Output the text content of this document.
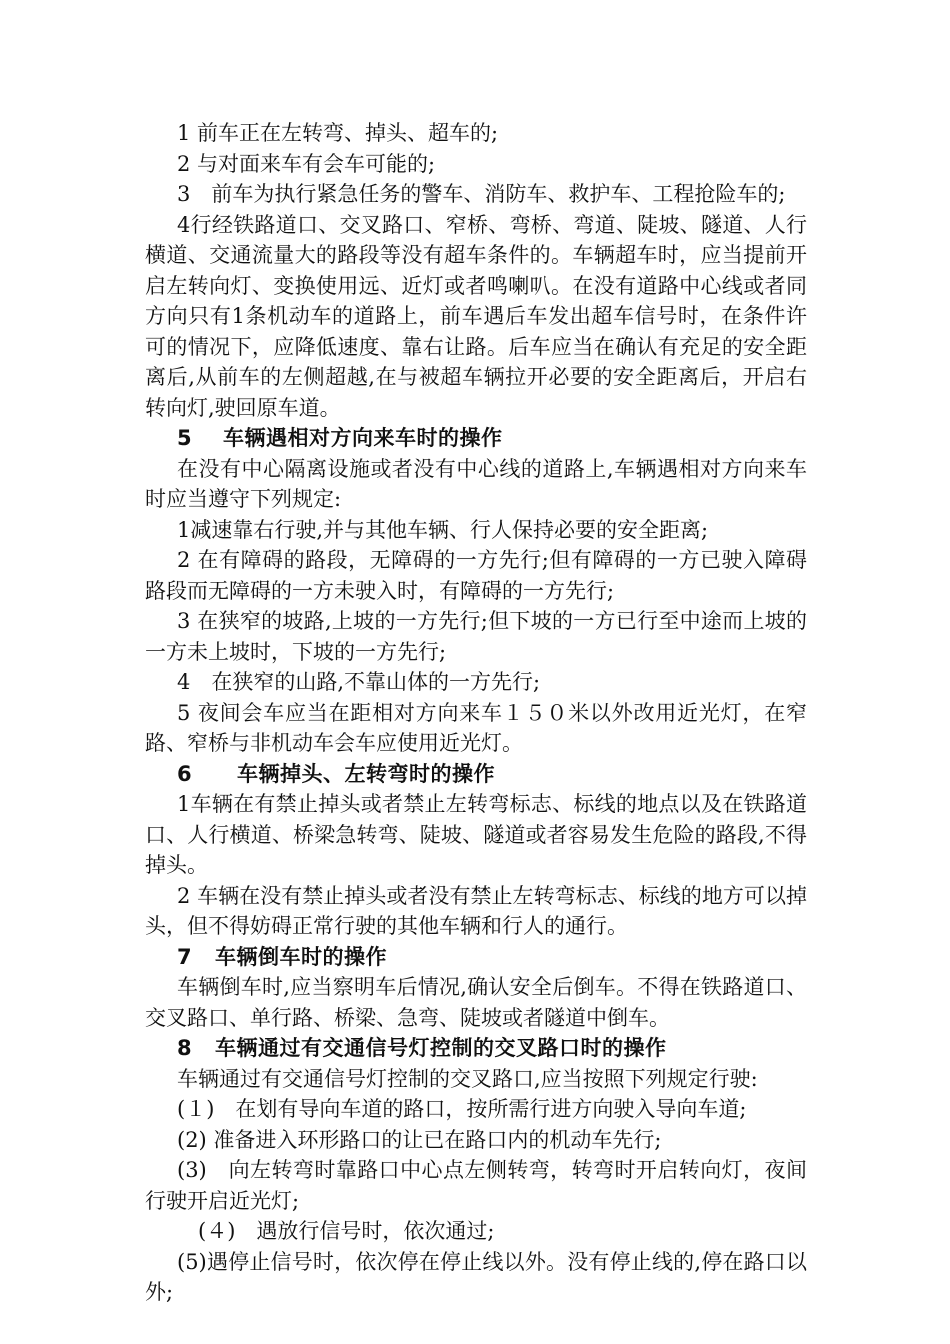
1 前车正在左转弯、掉头、超车的;

2 与对面来车有会车可能的;

3　前车为执行紧急任务的警车、消防车、救护车、工程抢险车的;

4行经铁路道口、交叉路口、窄桥、弯桥、弯道、陡坡、隧道、人行横道、交通流量大的路段等没有超车条件的。车辆超车时，应当提前开启左转向灯、变换使用远、近灯或者鸣喇叭。在没有道路中心线或者同方向只有1条机动车的道路上，前车遇后车发出超车信号时，在条件许可的情况下，应降低速度、靠右让路。后车应当在确认有充足的安全距离后,从前车的左侧超越,在与被超车辆拉开必要的安全距离后，开启右转向灯,驶回原车道。

5 车辆遇相对方向来车时的操作

在没有中心隔离设施或者没有中心线的道路上,车辆遇相对方向来车时应当遵守下列规定:

1减速靠右行驶,并与其他车辆、行人保持必要的安全距离;

2 在有障碍的路段，无障碍的一方先行;但有障碍的一方已驶入障碍路段而无障碍的一方未驶入时，有障碍的一方先行;

3 在狭窄的坡路,上坡的一方先行;但下坡的一方已行至中途而上坡的一方未上坡时，下坡的一方先行;

4　在狭窄的山路,不靠山体的一方先行;

5 夜间会车应当在距相对方向来车１５０米以外改用近光灯，在窄路、窄桥与非机动车会车应使用近光灯。

6 车辆掉头、左转弯时的操作

1车辆在有禁止掉头或者禁止左转弯标志、标线的地点以及在铁路道口、人行横道、桥梁急转弯、陡坡、隧道或者容易发生危险的路段,不得掉头。

2 车辆在没有禁止掉头或者没有禁止左转弯标志、标线的地方可以掉头，但不得妨碍正常行驶的其他车辆和行人的通行。

7 车辆倒车时的操作

车辆倒车时,应当察明车后情况,确认安全后倒车。不得在铁路道口、交叉路口、单行路、桥梁、急弯、陡坡或者隧道中倒车。

8 车辆通过有交通信号灯控制的交叉路口时的操作

车辆通过有交通信号灯控制的交叉路口,应当按照下列规定行驶:

(１)　在划有导向车道的路口，按所需行进方向驶入导向车道;

(2) 准备进入环形路口的让已在路口内的机动车先行;

(3)　向左转弯时靠路口中心点左侧转弯，转弯时开启转向灯，夜间行驶开启近光灯;

　(４)　遇放行信号时，依次通过;

(5)遇停止信号时，依次停在停止线以外。没有停止线的,停在路口以外;
